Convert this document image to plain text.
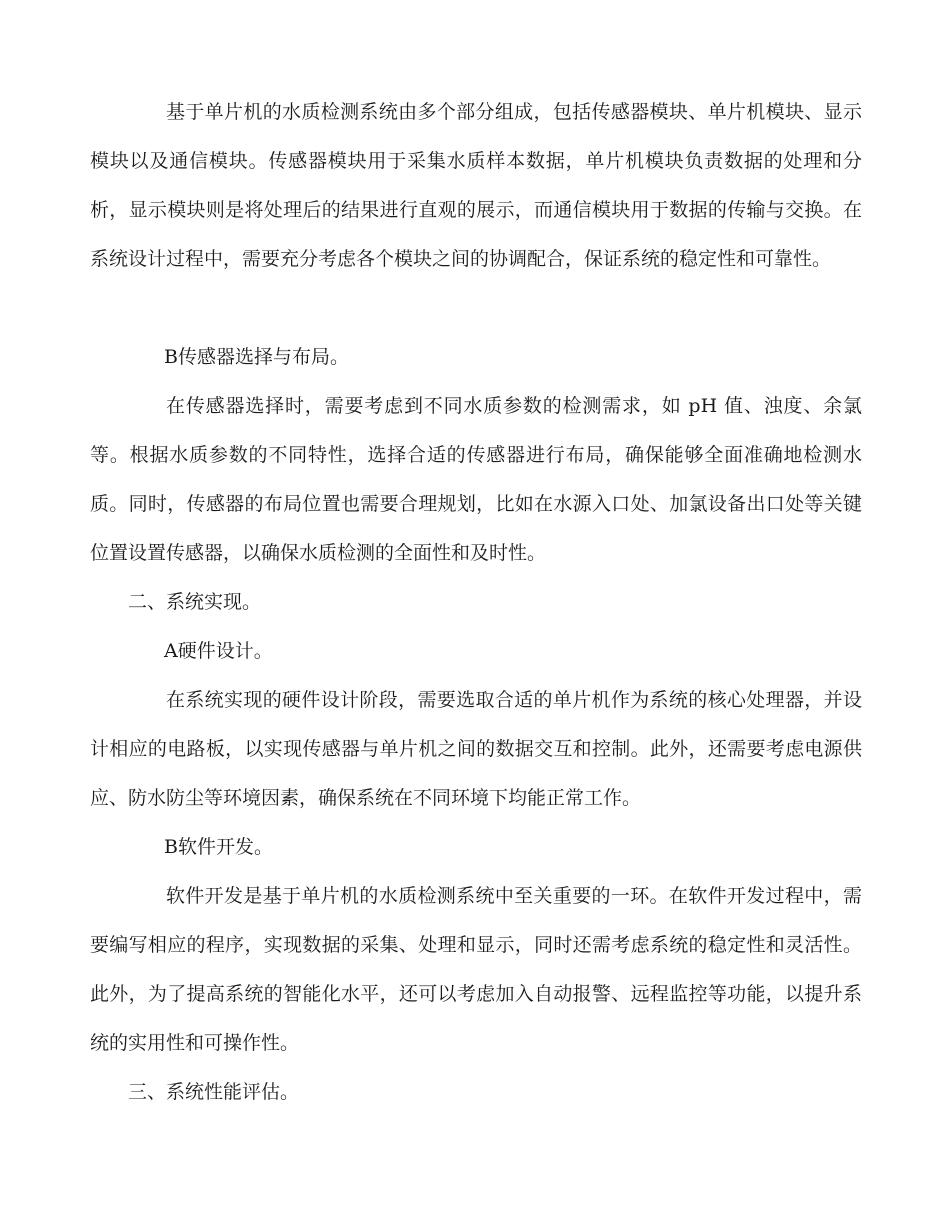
基于单片机的水质检测系统由多个部分组成，包括传感器模块、单片机模块、显示模块以及通信模块。传感器模块用于采集水质样本数据，单片机模块负责数据的处理和分析，显示模块则是将处理后的结果进行直观的展示，而通信模块用于数据的传输与交换。在系统设计过程中，需要充分考虑各个模块之间的协调配合，保证系统的稳定性和可靠性。

B传感器选择与布局。

在传感器选择时，需要考虑到不同水质参数的检测需求，如 pH 值、浊度、余氯等。根据水质参数的不同特性，选择合适的传感器进行布局，确保能够全面准确地检测水质。同时，传感器的布局位置也需要合理规划，比如在水源入口处、加氯设备出口处等关键位置设置传感器，以确保水质检测的全面性和及时性。

二、系统实现。

A硬件设计。

在系统实现的硬件设计阶段，需要选取合适的单片机作为系统的核心处理器，并设计相应的电路板，以实现传感器与单片机之间的数据交互和控制。此外，还需要考虑电源供应、防水防尘等环境因素，确保系统在不同环境下均能正常工作。

B软件开发。

软件开发是基于单片机的水质检测系统中至关重要的一环。在软件开发过程中，需要编写相应的程序，实现数据的采集、处理和显示，同时还需考虑系统的稳定性和灵活性。此外，为了提高系统的智能化水平，还可以考虑加入自动报警、远程监控等功能，以提升系统的实用性和可操作性。

三、系统性能评估。
